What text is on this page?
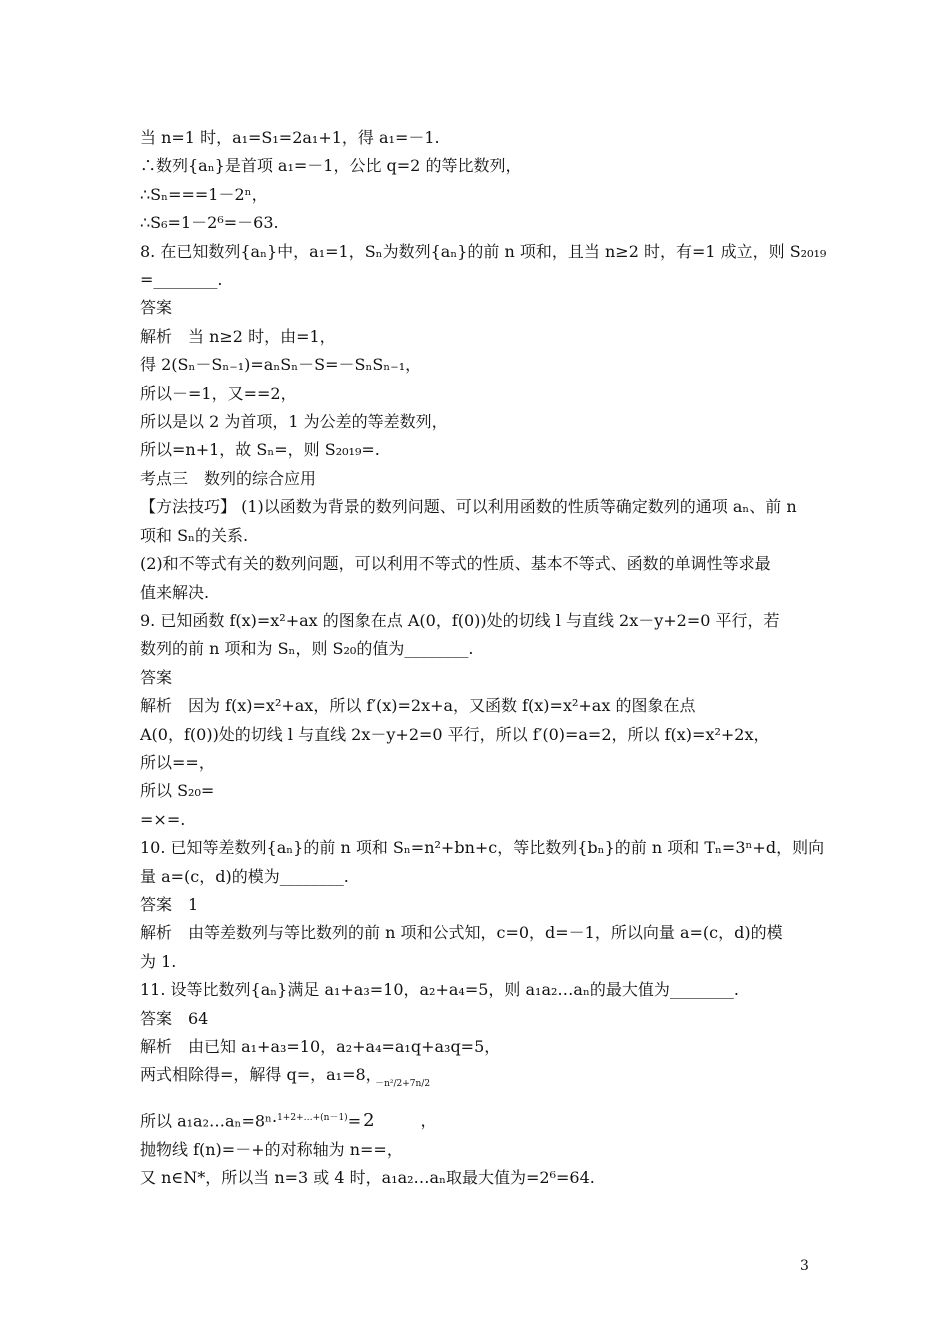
当 n=1 时，a₁=S₁=2a₁+1，得 a₁=－1.
∴数列{aₙ}是首项 a₁=－1，公比 q=2 的等比数列，
∴Sₙ===1－2ⁿ，
∴S₆=1－2⁶=－63.
8. 在已知数列{aₙ}中，a₁=1，Sₙ为数列{aₙ}的前 n 项和，且当 n≥2 时，有=1 成立，则 S₂₀₁₉
=________.
答案
解析　当 n≥2 时，由=1，
得 2(Sₙ－Sₙ₋₁)=aₙSₙ－S=－SₙSₙ₋₁，
所以－=1，又==2，
所以是以 2 为首项，1 为公差的等差数列，
所以=n+1，故 Sₙ=，则 S₂₀₁₉=.
考点三　数列的综合应用
【方法技巧】 (1)以函数为背景的数列问题、可以利用函数的性质等确定数列的通项 aₙ、前 n
项和 Sₙ的关系.
(2)和不等式有关的数列问题，可以利用不等式的性质、基本不等式、函数的单调性等求最
值来解决.
9. 已知函数 f(x)=x²+ax 的图象在点 A(0，f(0))处的切线 l 与直线 2x－y+2=0 平行，若
数列的前 n 项和为 Sₙ，则 S₂₀的值为________.
答案
解析　因为 f(x)=x²+ax，所以 f′(x)=2x+a，又函数 f(x)=x²+ax 的图象在点
A(0，f(0))处的切线 l 与直线 2x－y+2=0 平行，所以 f′(0)=a=2，所以 f(x)=x²+2x，
所以==，
所以 S₂₀=
=×=.
10. 已知等差数列{aₙ}的前 n 项和 Sₙ=n²+bn+c，等比数列{bₙ}的前 n 项和 Tₙ=3ⁿ+d，则向
量 a=(c，d)的模为________.
答案　1
解析　由等差数列与等比数列的前 n 项和公式知，c=0，d=－1，所以向量 a=(c，d)的模
为 1.
11. 设等比数列{aₙ}满足 a₁+a₃=10，a₂+a₄=5，则 a₁a₂…aₙ的最大值为________.
答案　64
解析　由已知 a₁+a₃=10，a₂+a₄=a₁q+a₃q=5，
两式相除得=，解得 q=，a₁=8，
所以 a₁a₂…aₙ=8ⁿ·$^{1+2+\dots+(n-1)}$= 2
－n²/2+7n/2
，
抛物线 f(n)=－+的对称轴为 n==，
又 n∈N*，所以当 n=3 或 4 时，a₁a₂…aₙ取最大值为=2⁶=64.
3
